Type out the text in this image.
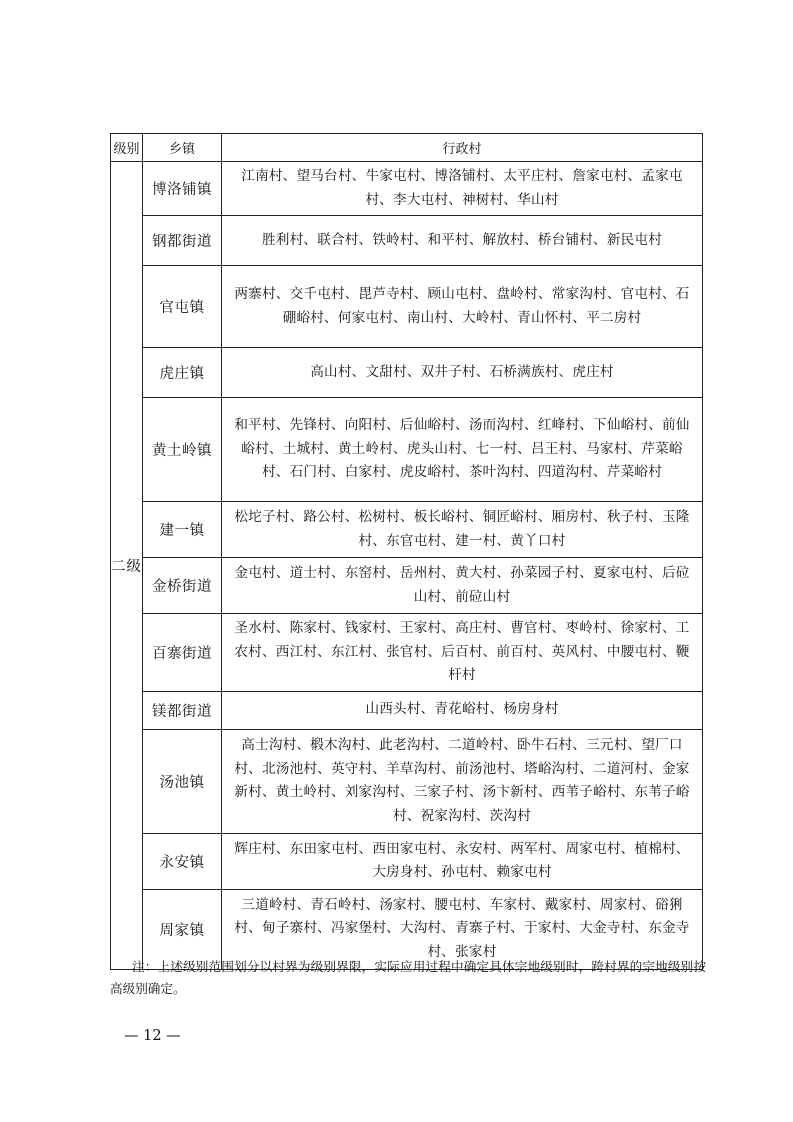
级别	乡镇	行政村
二级	博洛铺镇	江南村、望马台村、牛家屯村、博洛铺村、太平庄村、詹家屯村、孟家屯村、李大屯村、神树村、华山村
	钢都街道	胜利村、联合村、铁岭村、和平村、解放村、桥台铺村、新民屯村
	官屯镇	两寨村、交千屯村、毘芦寺村、顾山屯村、盘岭村、常家沟村、官屯村、石硼峪村、何家屯村、南山村、大岭村、青山怀村、平二房村
	虎庄镇	高山村、文甜村、双井子村、石桥满族村、虎庄村
	黄土岭镇	和平村、先锋村、向阳村、后仙峪村、汤而沟村、红峰村、下仙峪村、前仙峪村、土城村、黄土岭村、虎头山村、七一村、吕王村、马家村、芹菜峪村、石门村、白家村、虎皮峪村、茶叶沟村、四道沟村、芹菜峪村
	建一镇	松坨子村、路公村、松树村、板长峪村、铜匠峪村、厢房村、秋子村、玉隆村、东官屯村、建一村、黄丫口村
	金桥街道	金屯村、道士村、东窑村、岳州村、黄大村、孙菜园子村、夏家屯村、后砬山村、前砬山村
	百寨街道	圣水村、陈家村、钱家村、王家村、高庄村、曹官村、枣岭村、徐家村、工农村、西江村、东江村、张官村、后百村、前百村、英风村、中腰屯村、鞭杆村
	镁都街道	山西头村、青花峪村、杨房身村
	汤池镇	高士沟村、椴木沟村、此老沟村、二道岭村、卧牛石村、三元村、望厂口村、北汤池村、英守村、羊草沟村、前汤池村、塔峪沟村、二道河村、金家新村、黄土岭村、刘家沟村、三家子村、汤卞新村、西苇子峪村、东苇子峪村、祝家沟村、茨沟村
	永安镇	辉庄村、东田家屯村、西田家屯村、永安村、两军村、周家屯村、植棉村、大房身村、孙屯村、赖家屯村
	周家镇	三道岭村、青石岭村、汤家村、腰屯村、车家村、戴家村、周家村、硲猁村、甸子寨村、冯家堡村、大沟村、青寨子村、于家村、大金寺村、东金寺村、张家村
注：上述级别范围划分以村界为级别界限，实际应用过程中确定具体宗地级别时，跨村界的宗地级别按高级别确定。
— 12 —
